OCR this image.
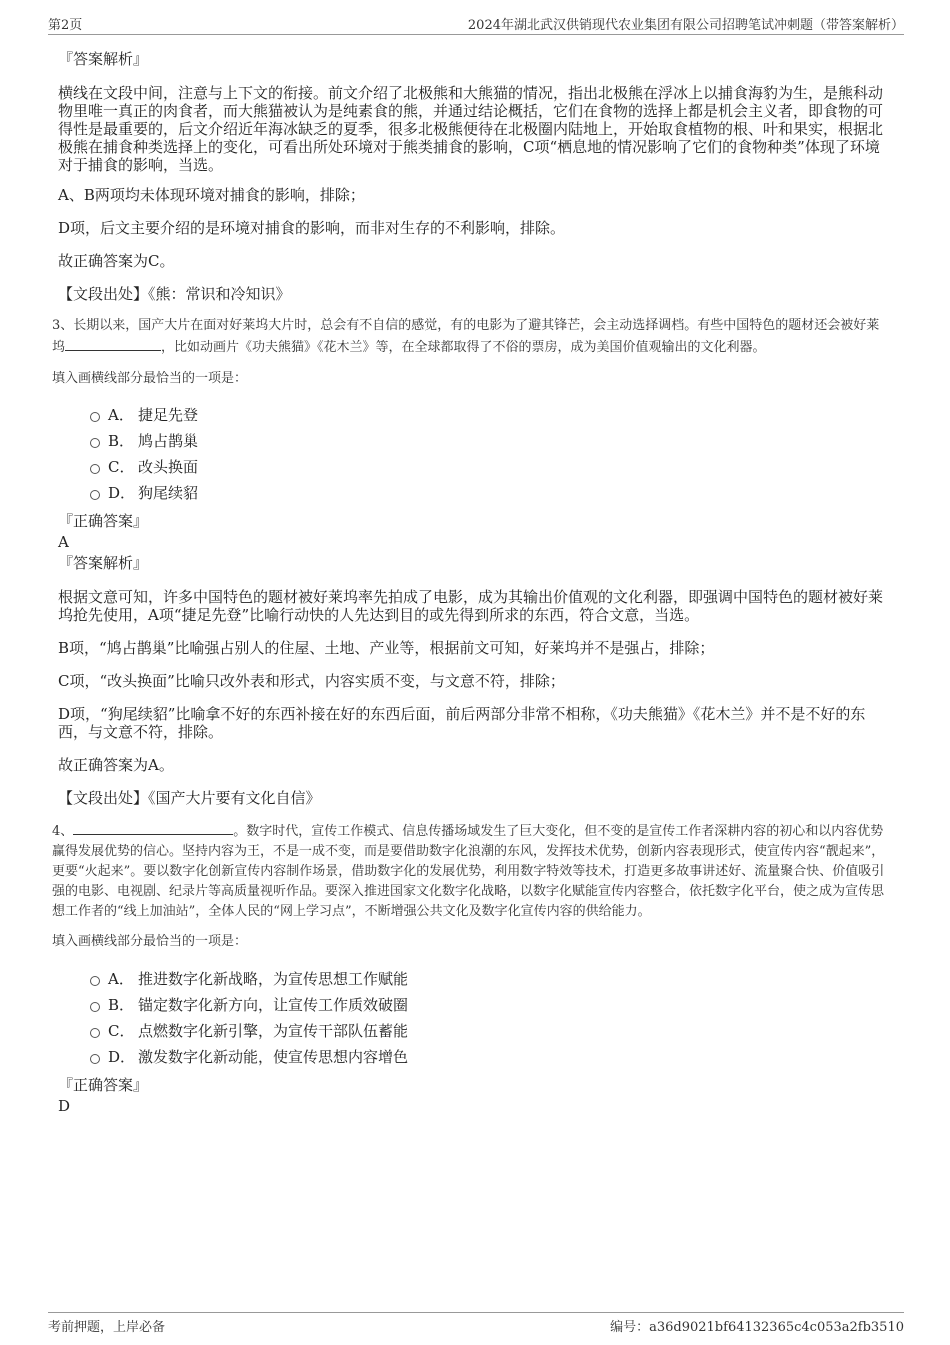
第2页	2024年湖北武汉供销现代农业集团有限公司招聘笔试冲刺题（带答案解析）

『答案解析』

横线在文段中间，注意与上下文的衔接。前文介绍了北极熊和大熊猫的情况，指出北极熊在浮冰上以捕食海豹为生，是熊科动物里唯一真正的肉食者，而大熊猫被认为是纯素食的熊，并通过结论概括，它们在食物的选择上都是机会主义者，即食物的可得性是最重要的，后文介绍近年海冰缺乏的夏季，很多北极熊便待在北极圈内陆地上，开始取食植物的根、叶和果实，根据北极熊在捕食种类选择上的变化，可看出所处环境对于熊类捕食的影响，C项“栖息地的情况影响了它们的食物种类”体现了环境对于捕食的影响，当选。

A、B两项均未体现环境对捕食的影响，排除；

D项，后文主要介绍的是环境对捕食的影响，而非对生存的不利影响，排除。

故正确答案为C。

【文段出处】《熊：常识和冷知识》

3、长期以来，国产大片在面对好莱坞大片时，总会有不自信的感觉，有的电影为了避其锋芒，会主动选择调档。有些中国特色的题材还会被好莱坞	，比如动画片《功夫熊猫》《花木兰》等，在全球都取得了不俗的票房，成为美国价值观输出的文化利器。

填入画横线部分最恰当的一项是：

A． 捷足先登
B． 鸠占鹊巢
C． 改头换面
D． 狗尾续貂

『正确答案』

A

『答案解析』

根据文意可知，许多中国特色的题材被好莱坞率先拍成了电影，成为其输出价值观的文化利器，即强调中国特色的题材被好莱坞抢先使用，A项“捷足先登”比喻行动快的人先达到目的或先得到所求的东西，符合文意，当选。

B项，“鸠占鹊巢”比喻强占别人的住屋、土地、产业等，根据前文可知，好莱坞并不是强占，排除；

C项，“改头换面”比喻只改外表和形式，内容实质不变，与文意不符，排除；

D项，“狗尾续貂”比喻拿不好的东西补接在好的东西后面，前后两部分非常不相称，《功夫熊猫》《花木兰》并不是不好的东西，与文意不符，排除。

故正确答案为A。

【文段出处】《国产大片要有文化自信》

4、	。数字时代，宣传工作模式、信息传播场域发生了巨大变化，但不变的是宣传工作者深耕内容的初心和以内容优势赢得发展优势的信心。坚持内容为王，不是一成不变，而是要借助数字化浪潮的东风，发挥技术优势，创新内容表现形式，使宣传内容“靓起来”，更要“火起来”。要以数字化创新宣传内容制作场景，借助数字化的发展优势，利用数字特效等技术，打造更多故事讲述好、流量聚合快、价值吸引强的电影、电视剧、纪录片等高质量视听作品。要深入推进国家文化数字化战略，以数字化赋能宣传内容整合，依托数字化平台，使之成为宣传思想工作者的“线上加油站”，全体人民的“网上学习点”，不断增强公共文化及数字化宣传内容的供给能力。

填入画横线部分最恰当的一项是：

A． 推进数字化新战略，为宣传思想工作赋能
B． 锚定数字化新方向，让宣传工作质效破圈
C． 点燃数字化新引擎，为宣传干部队伍蓄能
D． 激发数字化新动能，使宣传思想内容增色

『正确答案』

D

考前押题，上岸必备	编号：a36d9021bf64132365c4c053a2fb3510
